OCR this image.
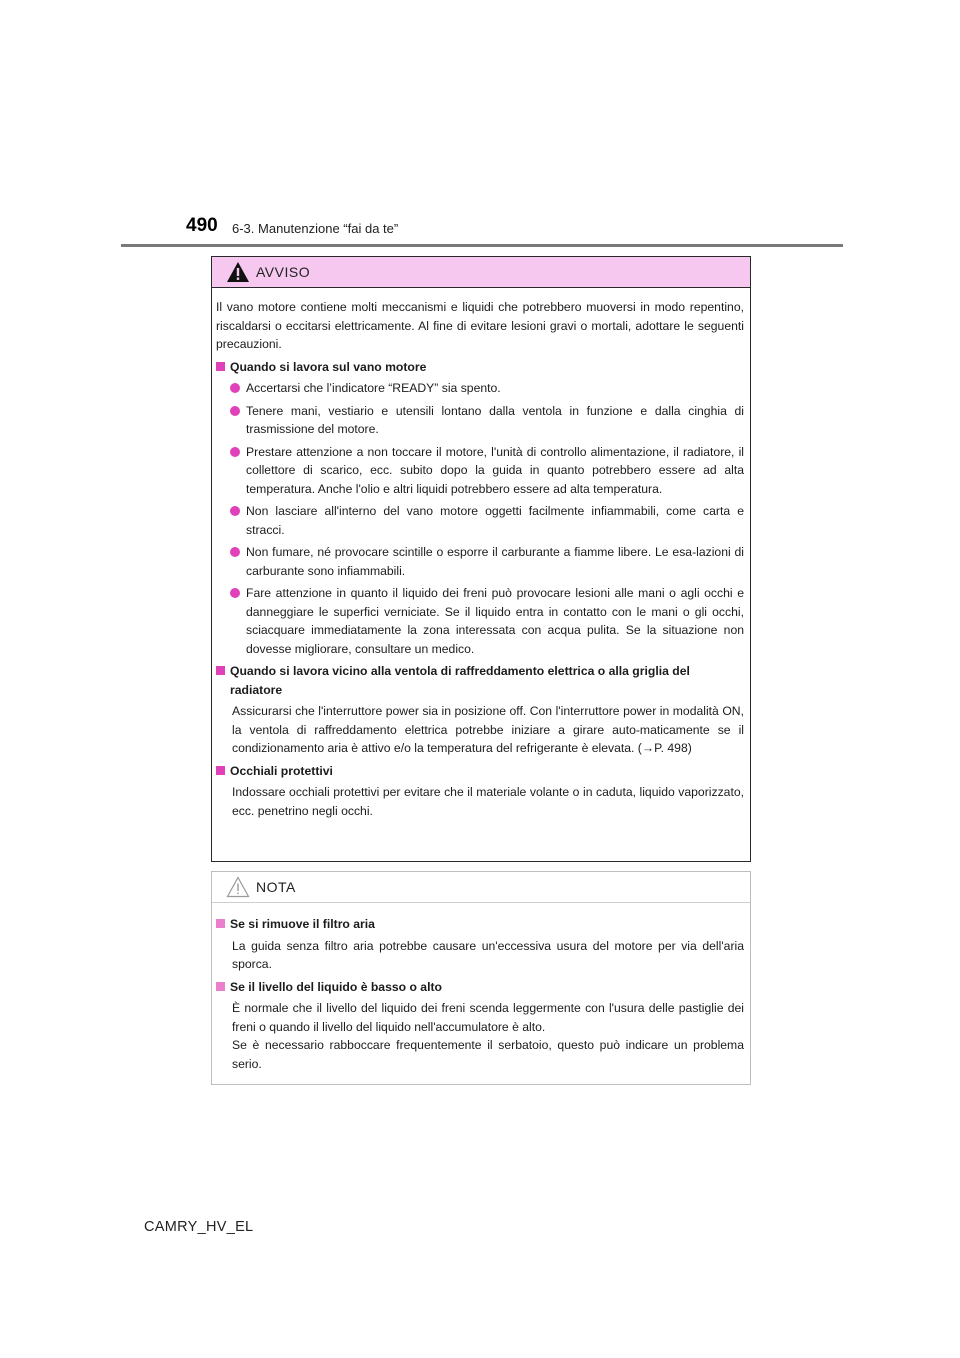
490 6-3. Manutenzione “fai da te”
AVVISO

Il vano motore contiene molti meccanismi e liquidi che potrebbero muoversi in modo repentino, riscaldarsi o eccitarsi elettricamente. Al fine di evitare lesioni gravi o mortali, adottare le seguenti precauzioni.

Quando si lavora sul vano motore
Accertarsi che l’indicatore “READY” sia spento.
Tenere mani, vestiario e utensili lontano dalla ventola in funzione e dalla cinghia di trasmissione del motore.
Prestare attenzione a non toccare il motore, l'unità di controllo alimentazione, il radiatore, il collettore di scarico, ecc. subito dopo la guida in quanto potrebbero essere ad alta temperatura. Anche l'olio e altri liquidi potrebbero essere ad alta temperatura.
Non lasciare all'interno del vano motore oggetti facilmente infiammabili, come carta e stracci.
Non fumare, né provocare scintille o esporre il carburante a fiamme libere. Le esa-lazioni di carburante sono infiammabili.
Fare attenzione in quanto il liquido dei freni può provocare lesioni alle mani o agli occhi e danneggiare le superfici verniciate. Se il liquido entra in contatto con le mani o gli occhi, sciacquare immediatamente la zona interessata con acqua pulita. Se la situazione non dovesse migliorare, consultare un medico.
Quando si lavora vicino alla ventola di raffreddamento elettrica o alla griglia del radiatore

Assicurarsi che l'interruttore power sia in posizione off. Con l'interruttore power in modalità ON, la ventola di raffreddamento elettrica potrebbe iniziare a girare auto-maticamente se il condizionamento aria è attivo e/o la temperatura del refrigerante è elevata. (→P. 498)

Occhiali protettivi

Indossare occhiali protettivi per evitare che il materiale volante o in caduta, liquido vaporizzato, ecc. penetrino negli occhi.

NOTA
Se si rimuove il filtro aria

La guida senza filtro aria potrebbe causare un'eccessiva usura del motore per via dell'aria sporca.

Se il livello del liquido è basso o alto

È normale che il livello del liquido dei freni scenda leggermente con l'usura delle pastiglie dei freni o quando il livello del liquido nell'accumulatore è alto.

Se è necessario rabboccare frequentemente il serbatoio, questo può indicare un problema serio.

CAMRY_HV_EL
